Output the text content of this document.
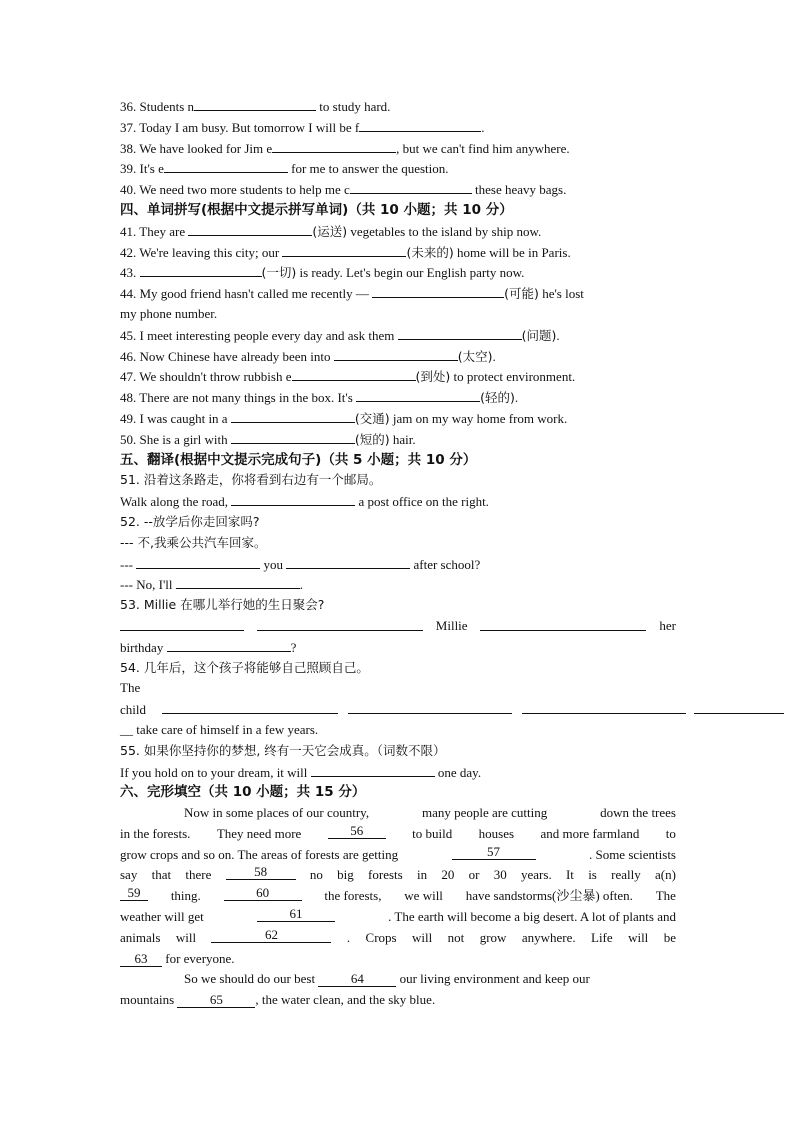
36. Students n	to study hard.
37. Today I am busy. But tomorrow I will be f	.
38. We have looked for Jim e	, but we can't find him anywhere.
39. It's e	for me to answer the question.
40. We need two more students to help me c	these heavy bags.
四、单词拼写(根据中文提示拼写单词)（共 10 小题；共 10 分）
41. They are	(运送) vegetables to the island by ship now.
42. We're leaving this city; our	(未来的) home will be in Paris.
43.	(一切) is ready. Let's begin our English party now.
44. My good friend hasn't called me recently —	(可能) he's lost
my phone number.
45. I meet interesting people every day and ask them	(问题).
46. Now Chinese have already been into	(太空).
47. We shouldn't throw rubbish e	(到处) to protect environment.
48. There are not many things in the box. It's	(轻的).
49. I was caught in a	(交通) jam on my way home from work.
50. She is a girl with	(短的) hair.
五、翻译(根据中文提示完成句子)（共 5 小题；共 10 分）
51. 沿着这条路走，你将看到右边有一个邮局。
Walk along the road,	a post office on the right.
52. --放学后你走回家吗?
--- 不,我乘公共汽车回家。
---	you	after school?
--- No, I'll	.
53. Millie 在哪儿举行她的生日聚会?
Millie	her
birthday	?
54. 几年后，这个孩子将能够自己照顾自己。
The
child
__ take care of himself in a few years.
55. 如果你坚持你的梦想, 终有一天它会成真。（词数不限）
If you hold on to your dream, it will	one day.
六、完形填空（共 10 小题；共 15 分）
Now in some places of our country,	many people are cutting	down the trees
in the forests. They need more	56	to build houses and more farmland to
grow crops and so on. The areas of forests are getting	57	. Some scientists
say that there	58	no big forests in 20 or 30 years. It is really a(n)
59	thing.	60	the forests, we will have sandstorms(沙尘暴) often. The
weather will get	61	. The earth will become a big desert. A lot of plants and
animals will	62	. Crops will not grow anywhere. Life will be
63 for everyone.
So we should do our best	64	our living environment and keep our
mountains	65	, the water clean, and the sky blue.
